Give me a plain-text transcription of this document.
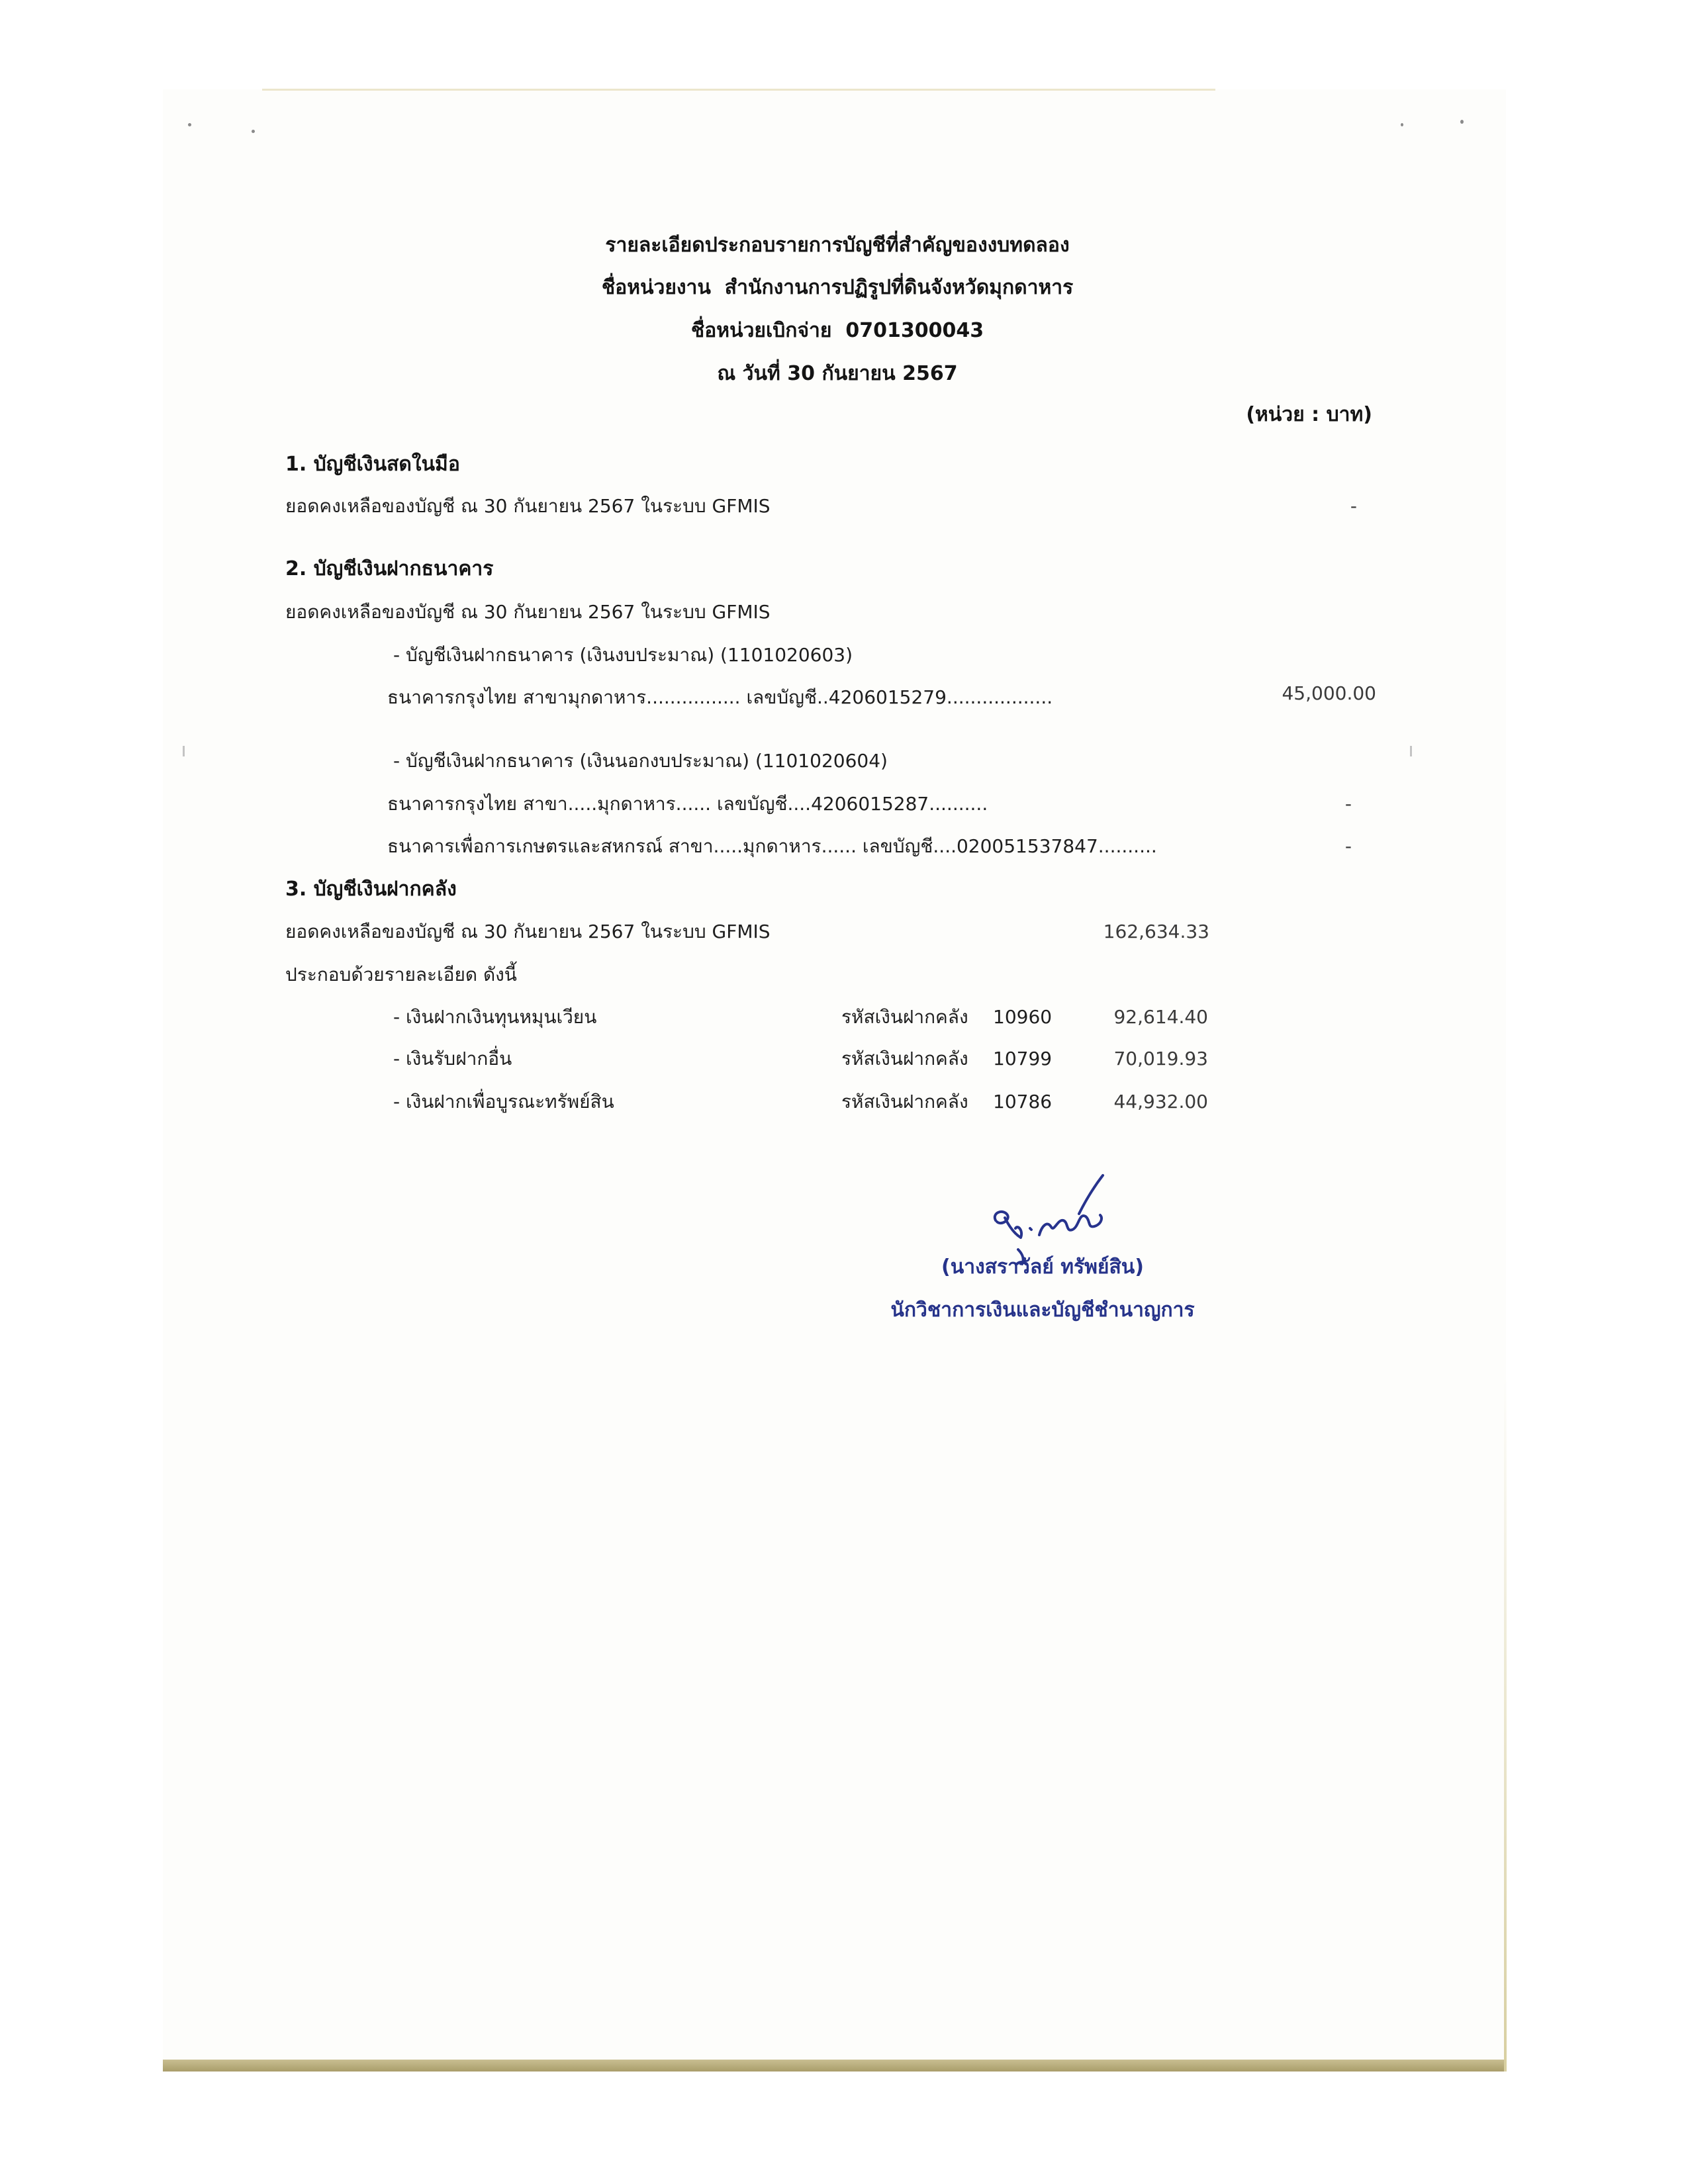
รายละเอียดประกอบรายการบัญชีที่สำคัญของงบทดลอง
ชื่อหน่วยงาน  สำนักงานการปฏิรูปที่ดินจังหวัดมุกดาหาร
ชื่อหน่วยเบิกจ่าย  0701300043
ณ วันที่ 30 กันยายน 2567
(หน่วย : บาท)
1. บัญชีเงินสดในมือ
ยอดคงเหลือของบัญชี ณ 30 กันยายน 2567 ในระบบ GFMIS	-
2. บัญชีเงินฝากธนาคาร
ยอดคงเหลือของบัญชี ณ 30 กันยายน 2567 ในระบบ GFMIS
- บัญชีเงินฝากธนาคาร (เงินงบประมาณ) (1101020603)
ธนาคารกรุงไทย สาขามุกดาหาร................ เลขบัญชี..4206015279..................	45,000.00
- บัญชีเงินฝากธนาคาร (เงินนอกงบประมาณ) (1101020604)
ธนาคารกรุงไทย สาขา.....มุกดาหาร...... เลขบัญชี....4206015287..........	-
ธนาคารเพื่อการเกษตรและสหกรณ์ สาขา.....มุกดาหาร...... เลขบัญชี....020051537847..........	-
3. บัญชีเงินฝากคลัง
ยอดคงเหลือของบัญชี ณ 30 กันยายน 2567 ในระบบ GFMIS	162,634.33
ประกอบด้วยรายละเอียด ดังนี้
- เงินฝากเงินทุนหมุนเวียน	รหัสเงินฝากคลัง 10960	92,614.40
- เงินรับฝากอื่น	รหัสเงินฝากคลัง 10799	70,019.93
- เงินฝากเพื่อบูรณะทรัพย์สิน	รหัสเงินฝากคลัง 10786	44,932.00
(นางสราวัลย์ ทรัพย์สิน)
นักวิชาการเงินและบัญชีชำนาญการ
